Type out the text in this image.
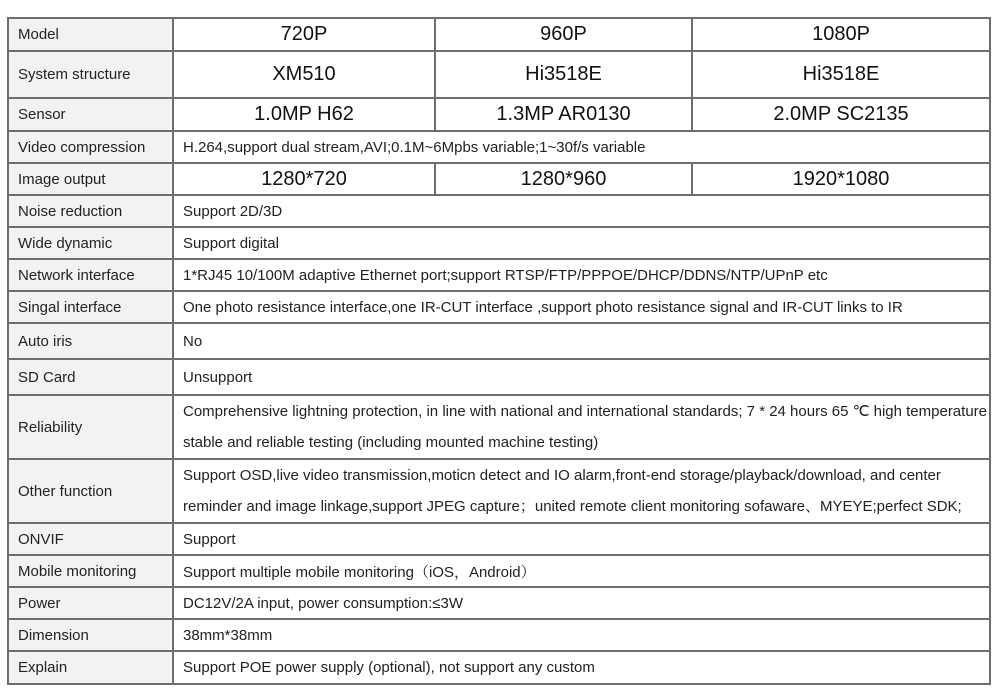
Model	720P	960P	1080P
System structure	XM510	Hi3518E	Hi3518E
Sensor	1.0MP H62	1.3MP AR0130	2.0MP SC2135
Video compression	H.264,support dual stream,AVI;0.1M~6Mpbs variable;1~30f/s variable		
Image output	1280*720	1280*960	1920*1080
Noise reduction	Support 2D/3D		
Wide dynamic	Support digital		
Network interface	1*RJ45 10/100M adaptive Ethernet port;support RTSP/FTP/PPPOE/DHCP/DDNS/NTP/UPnP etc		
Singal interface	One photo resistance interface,one IR-CUT interface ,support photo resistance signal and IR-CUT links to IR		
Auto iris	No		
SD Card	Unsupport		
Reliability	Comprehensive lightning protection, in line with national and international standards; 7 * 24 hours 65 ℃ high temperature stable and reliable testing (including mounted machine testing)		
Other function	Support OSD,live video transmission,moticn detect and IO alarm,front-end storage/playback/download, and center reminder and image linkage,support JPEG capture；united remote client monitoring sofaware、MYEYE;perfect SDK;		
ONVIF	Support		
Mobile monitoring	Support multiple mobile monitoring（iOS，Android）		
Power	DC12V/2A input, power consumption:≤3W		
Dimension	38mm*38mm		
Explain	Support POE power supply (optional), not support any custom		
